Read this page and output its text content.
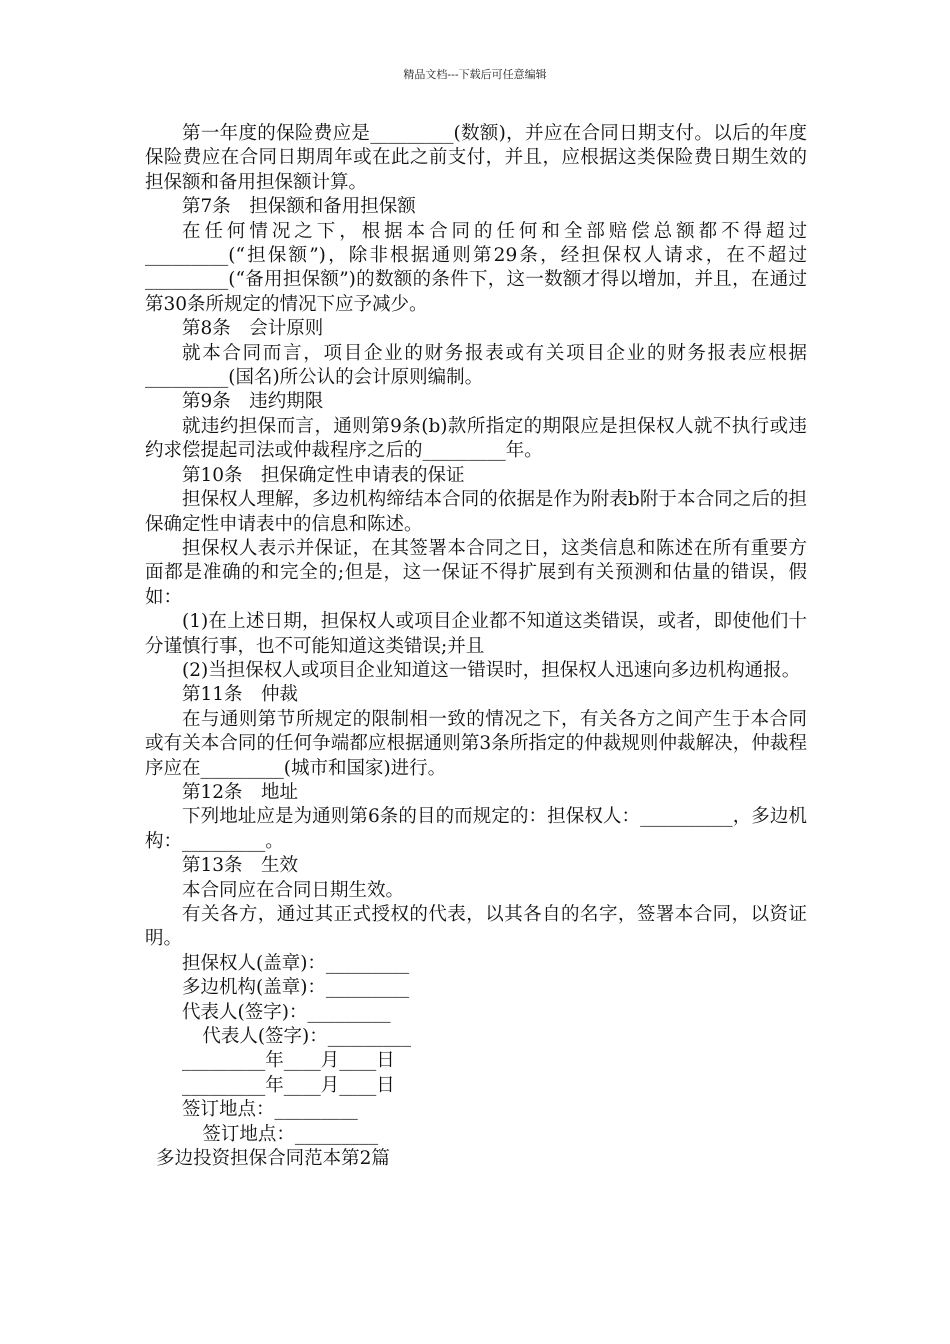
精品文档---下载后可任意编辑

第一年度的保险费应是_________(数额)，并应在合同日期支付。以后的年度保险费应在合同日期周年或在此之前支付，并且，应根据这类保险费日期生效的担保额和备用担保额计算。

第7条　担保额和备用担保额

在任何情况之下，根据本合同的任何和全部赔偿总额都不得超过_________(“担保额”)，除非根据通则第29条，经担保权人请求，在不超过_________(“备用担保额”)的数额的条件下，这一数额才得以增加，并且，在通过第30条所规定的情况下应予减少。

第8条　会计原则

就本合同而言，项目企业的财务报表或有关项目企业的财务报表应根据_________(国名)所公认的会计原则编制。

第9条　违约期限

就违约担保而言，通则第9条(b)款所指定的期限应是担保权人就不执行或违约求偿提起司法或仲裁程序之后的_________年。

第10条　担保确定性申请表的保证

担保权人理解，多边机构缔结本合同的依据是作为附表b附于本合同之后的担保确定性申请表中的信息和陈述。

担保权人表示并保证，在其签署本合同之日，这类信息和陈述在所有重要方面都是准确的和完全的;但是，这一保证不得扩展到有关预测和估量的错误，假如：

(1)在上述日期，担保权人或项目企业都不知道这类错误，或者，即使他们十分谨慎行事，也不可能知道这类错误;并且

(2)当担保权人或项目企业知道这一错误时，担保权人迅速向多边机构通报。

第11条　仲裁

在与通则第节所规定的限制相一致的情况之下，有关各方之间产生于本合同或有关本合同的任何争端都应根据通则第3条所指定的仲裁规则仲裁解决，仲裁程序应在_________(城市和国家)进行。

第12条　地址

下列地址应是为通则第6条的目的而规定的：担保权人：__________，多边机构：_________。

第13条　生效

本合同应在合同日期生效。

有关各方，通过其正式授权的代表，以其各自的名字，签署本合同，以资证明。

担保权人(盖章)：_________
多边机构(盖章)：_________
代表人(签字)：_________
代表人(签字)：_________
_________年____月____日
_________年____月____日
签订地点：_________
签订地点：_________
多边投资担保合同范本第2篇
